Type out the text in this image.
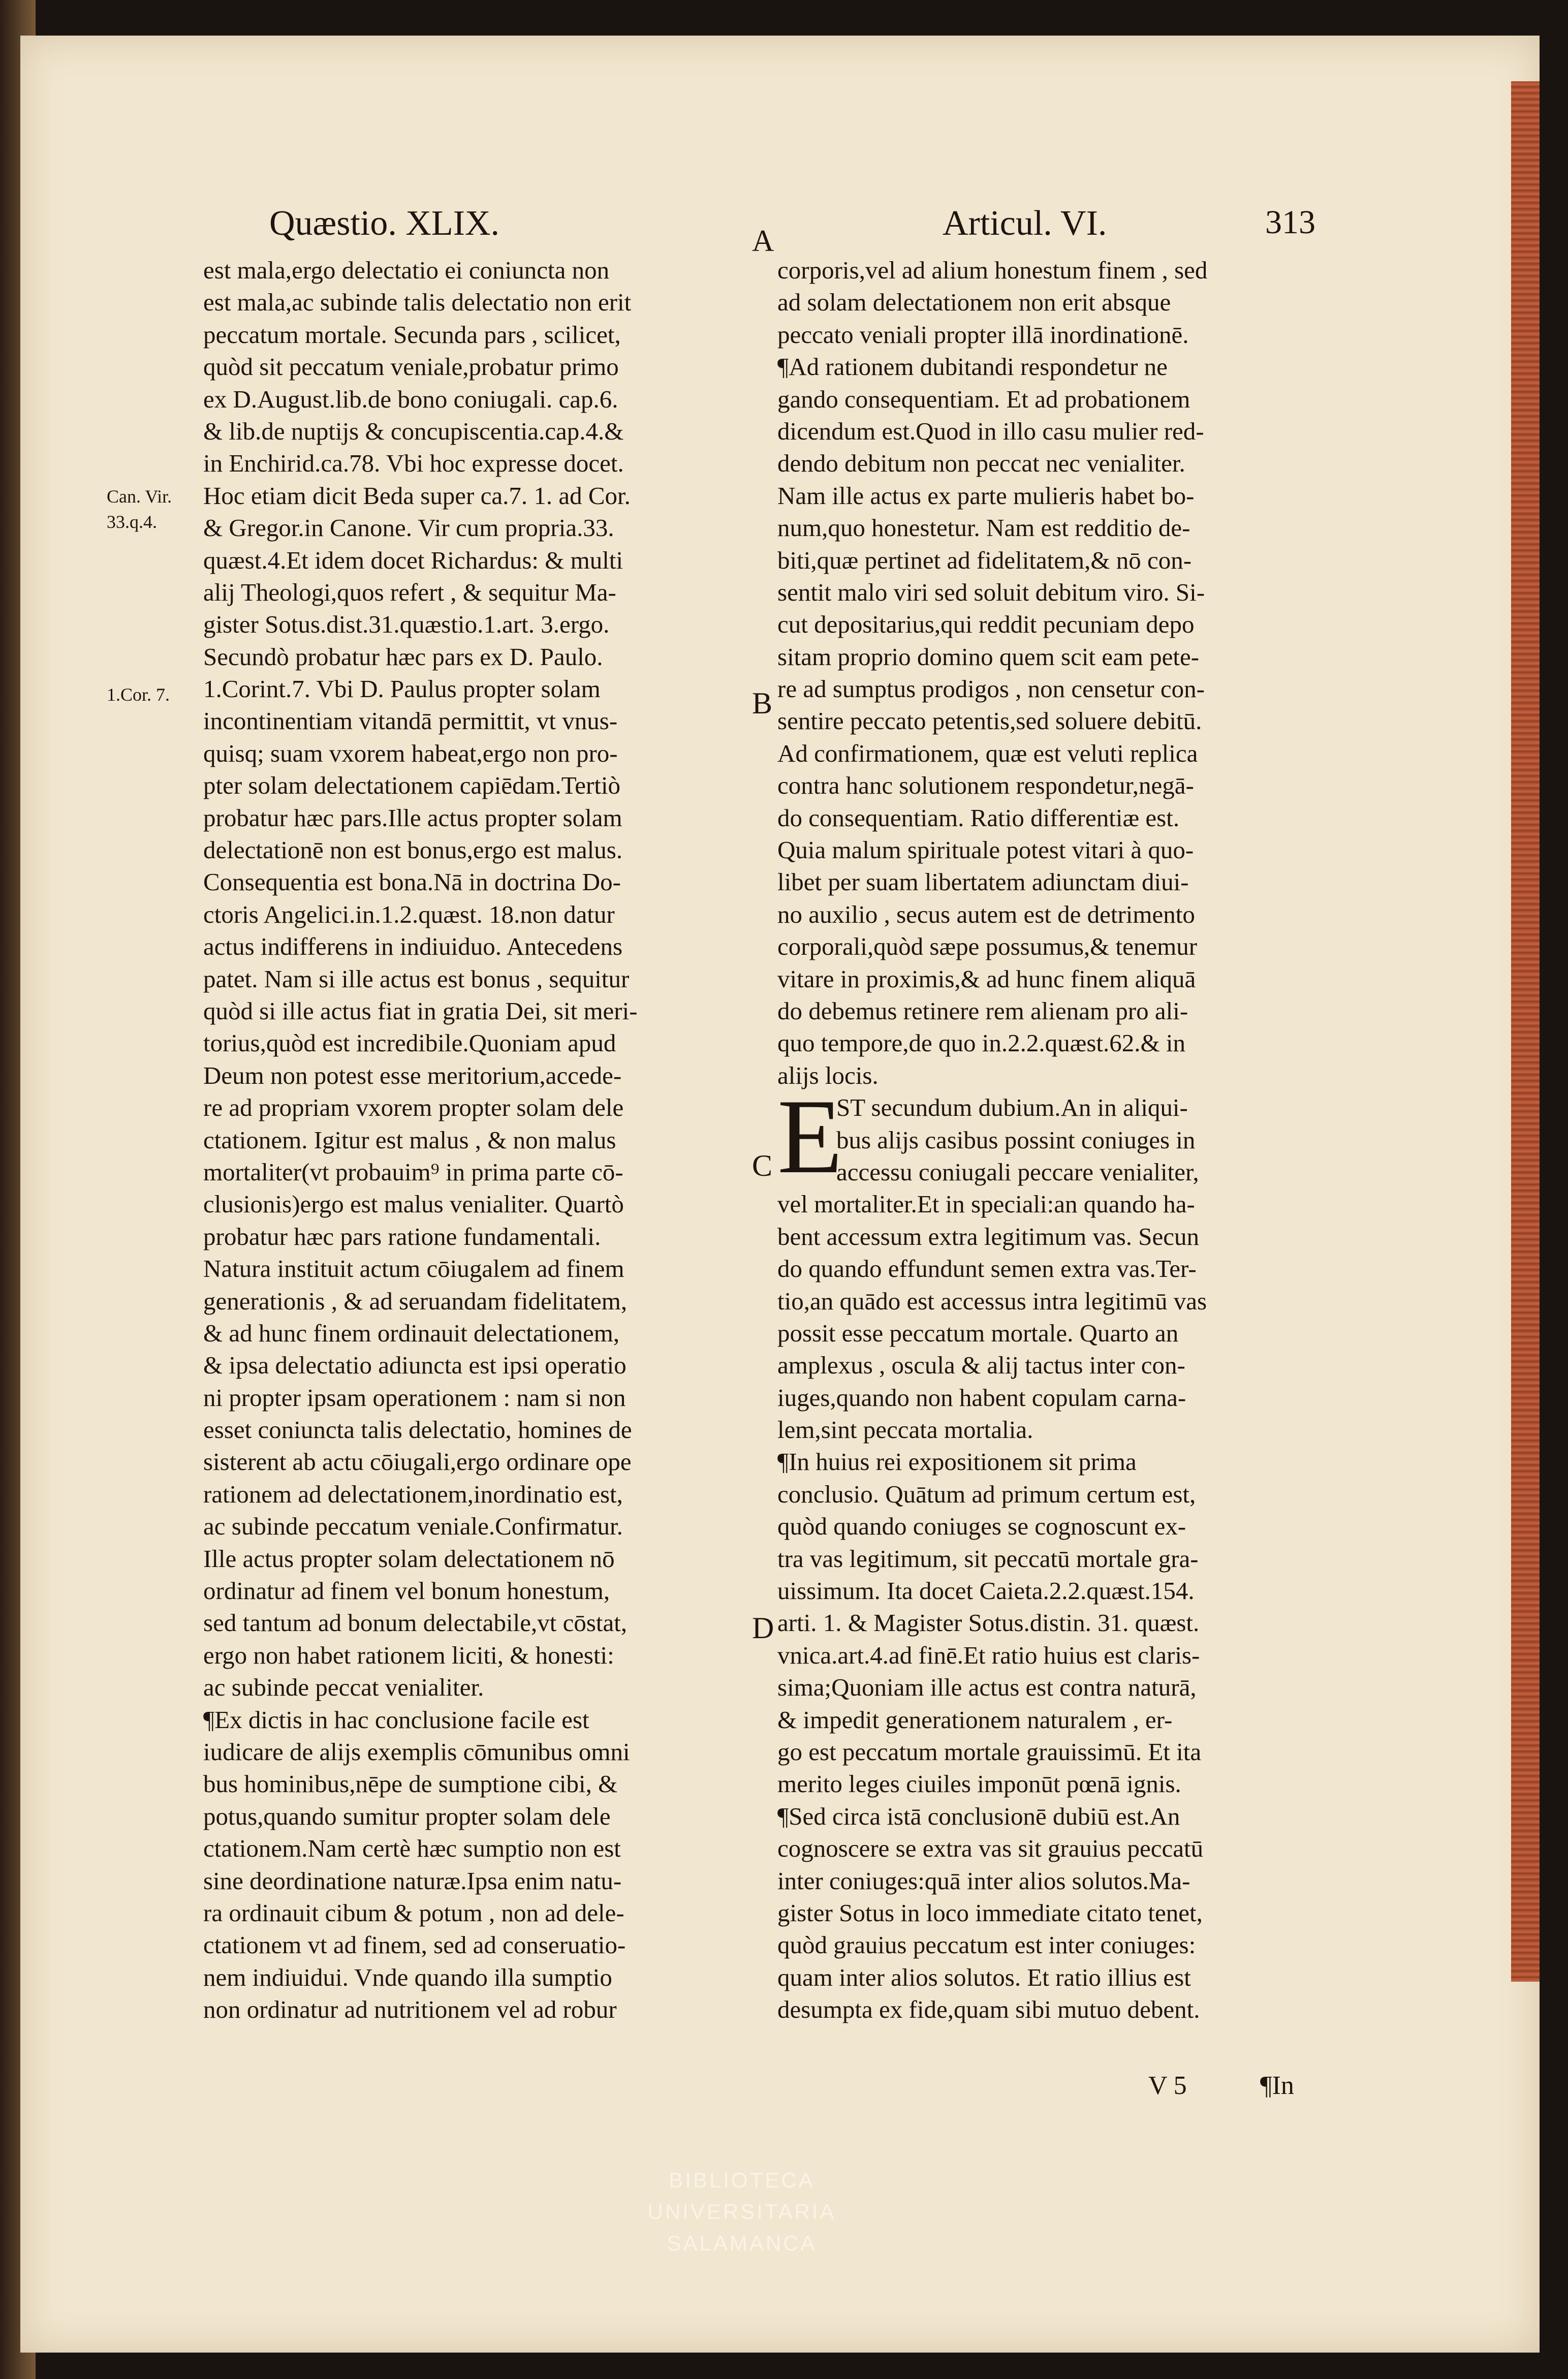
Quæstio. XLIX.	Articul. VI.	313
Can. Vir.
33.q.4.
1.Cor. 7.
A
B
C
D
est mala,ergo delectatio ei coniuncta non
est mala,ac subinde talis delectatio non erit
peccatum mortale. Secunda pars , scilicet,
quòd sit peccatum veniale,probatur primo
ex D.August.lib.de bono coniugali. cap.6.
& lib.de nuptijs & concupiscentia.cap.4.&
in Enchirid.ca.78. Vbi hoc expresse docet.
Hoc etiam dicit Beda super ca.7. 1. ad Cor.
& Gregor.in Canone. Vir cum propria.33.
quæst.4.Et idem docet Richardus: & multi
alij Theologi,quos refert , & sequitur Ma-
gister Sotus.dist.31.quæstio.1.art. 3.ergo.
Secundò probatur hæc pars ex D. Paulo.
1.Corint.7. Vbi D. Paulus propter solam
incontinentiam vitandā permittit, vt vnus-
quisq; suam vxorem habeat,ergo non pro-
pter solam delectationem capiēdam.Tertiò
probatur hæc pars.Ille actus propter solam
delectationē non est bonus,ergo est malus.
Consequentia est bona.Nā in doctrina Do-
ctoris Angelici.in.1.2.quæst. 18.non datur
actus indifferens in indiuiduo. Antecedens
patet. Nam si ille actus est bonus , sequitur
quòd si ille actus fiat in gratia Dei, sit meri-
torius,quòd est incredibile.Quoniam apud
Deum non potest esse meritorium,accede-
re ad propriam vxorem propter solam dele
ctationem. Igitur est malus , & non malus
mortaliter(vt probauim⁹ in prima parte cō-
clusionis)ergo est malus venialiter. Quartò
probatur hæc pars ratione fundamentali.
Natura instituit actum cōiugalem ad finem
generationis , & ad seruandam fidelitatem,
& ad hunc finem ordinauit delectationem,
& ipsa delectatio adiuncta est ipsi operatio
ni propter ipsam operationem : nam si non
esset coniuncta talis delectatio, homines de
sisterent ab actu cōiugali,ergo ordinare ope
rationem ad delectationem,inordinatio est,
ac subinde peccatum veniale.Confirmatur.
Ille actus propter solam delectationem nō
ordinatur ad finem vel bonum honestum,
sed tantum ad bonum delectabile,vt cōstat,
ergo non habet rationem liciti, & honesti:
ac subinde peccat venialiter.
¶Ex dictis in hac conclusione facile est
iudicare de alijs exemplis cōmunibus omni
bus hominibus,nēpe de sumptione cibi, &
potus,quando sumitur propter solam dele
ctationem.Nam certè hæc sumptio non est
sine deordinatione naturæ.Ipsa enim natu-
ra ordinauit cibum & potum , non ad dele-
ctationem vt ad finem, sed ad conseruatio-
nem indiuidui. Vnde quando illa sumptio
non ordinatur ad nutritionem vel ad robur
corporis,vel ad alium honestum finem , sed
ad solam delectationem non erit absque
peccato veniali propter illā inordinationē.
¶Ad rationem dubitandi respondetur ne
gando consequentiam. Et ad probationem
dicendum est.Quod in illo casu mulier red-
dendo debitum non peccat nec venialiter.
Nam ille actus ex parte mulieris habet bo-
num,quo honestetur. Nam est redditio de-
biti,quæ pertinet ad fidelitatem,& nō con-
sentit malo viri sed soluit debitum viro. Si-
cut depositarius,qui reddit pecuniam depo
sitam proprio domino quem scit eam pete-
re ad sumptus prodigos , non censetur con-
sentire peccato petentis,sed soluere debitū.
Ad confirmationem, quæ est veluti replica
contra hanc solutionem respondetur,negā-
do consequentiam. Ratio differentiæ est.
Quia malum spirituale potest vitari à quo-
libet per suam libertatem adiunctam diui-
no auxilio , secus autem est de detrimento
corporali,quòd sæpe possumus,& tenemur
vitare in proximis,& ad hunc finem aliquā
do debemus retinere rem alienam pro ali-
quo tempore,de quo in.2.2.quæst.62.& in
alijs locis.
E
ST secundum dubium.An in aliqui-
bus alijs casibus possint coniuges in
accessu coniugali peccare venialiter,
vel mortaliter.Et in speciali:an quando ha-
bent accessum extra legitimum vas. Secun
do quando effundunt semen extra vas.Ter-
tio,an quādo est accessus intra legitimū vas
possit esse peccatum mortale. Quarto an
amplexus , oscula & alij tactus inter con-
iuges,quando non habent copulam carna-
lem,sint peccata mortalia.
¶In huius rei expositionem sit prima
conclusio. Quātum ad primum certum est,
quòd quando coniuges se cognoscunt ex-
tra vas legitimum, sit peccatū mortale gra-
uissimum. Ita docet Caieta.2.2.quæst.154.
arti. 1. & Magister Sotus.distin. 31. quæst.
vnica.art.4.ad finē.Et ratio huius est claris-
sima;Quoniam ille actus est contra naturā,
& impedit generationem naturalem , er-
go est peccatum mortale grauissimū. Et ita
merito leges ciuiles imponūt pœnā ignis.
¶Sed circa istā conclusionē dubiū est.An
cognoscere se extra vas sit grauius peccatū
inter coniuges:quā inter alios solutos.Ma-
gister Sotus in loco immediate citato tenet,
quòd grauius peccatum est inter coniuges:
quam inter alios solutos. Et ratio illius est
desumpta ex fide,quam sibi mutuo debent.
V 5	¶In
BIBLIOTECA
UNIVERSITARIA
SALAMANCA
